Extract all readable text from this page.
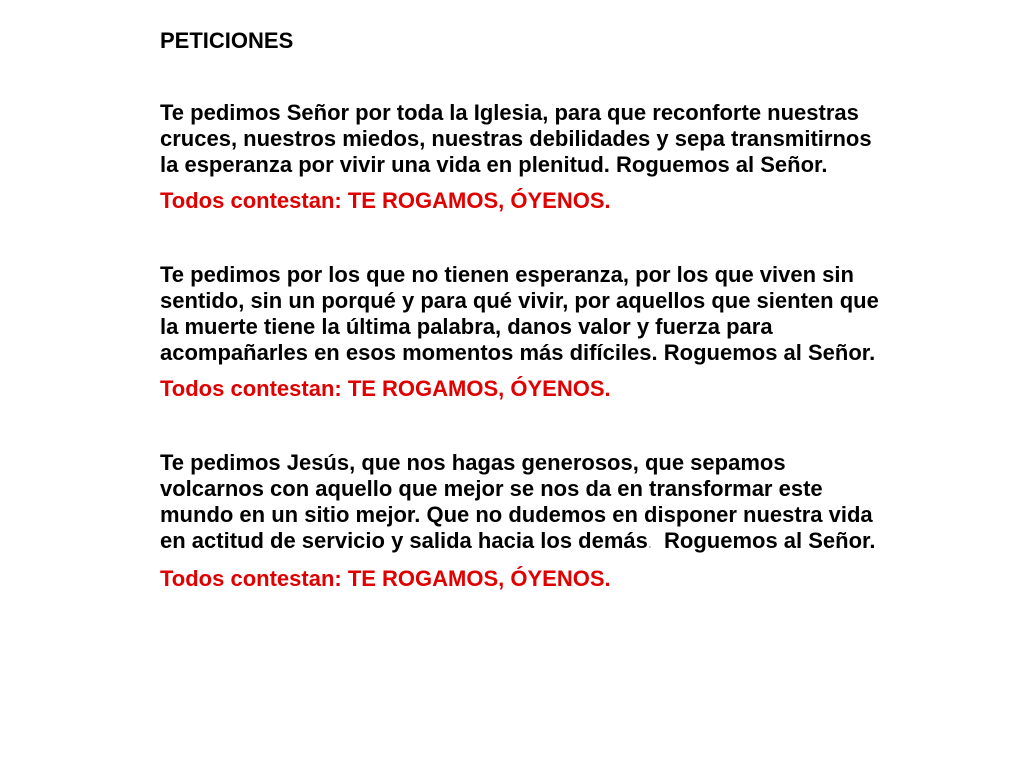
PETICIONES

Te pedimos Señor por toda la Iglesia, para que reconforte nuestras cruces, nuestros miedos, nuestras debilidades y sepa transmitirnos la esperanza por vivir una vida en plenitud. Roguemos al Señor.
Todos contestan: TE ROGAMOS, ÓYENOS.
Te pedimos por los que no tienen esperanza, por los que viven sin sentido, sin un porqué y para qué vivir, por aquellos que sienten que la muerte tiene la última palabra, danos valor y fuerza para acompañarles en esos momentos más difíciles. Roguemos al Señor.
Todos contestan: TE ROGAMOS, ÓYENOS.
Te pedimos Jesús, que nos hagas generosos, que sepamos volcarnos con aquello que mejor se nos da en transformar este mundo en un sitio mejor. Que no dudemos en disponer nuestra vida en actitud de servicio y salida hacia los demás.  Roguemos al Señor.
Todos contestan: TE ROGAMOS, ÓYENOS.
